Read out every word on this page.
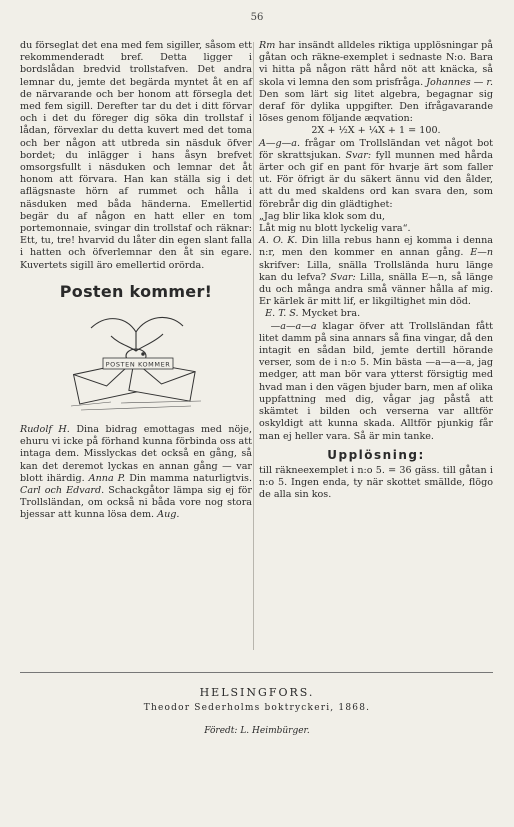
56

du förseglat det ena med fem sigiller, såsom ett rekommenderadt bref. Detta ligger i bordslådan bredvid trollstafven. Det andra lemnar du, jemte det begärda myntet åt en af de närvarande och ber honom att försegla det med fem sigill. Derefter tar du det i ditt förvar och i det du föreger dig söka din trollstaf i lådan, förvexlar du detta kuvert med det toma och ber någon att utbreda sin näsduk öfver bordet; du inlägger i hans åsyn brefvet omsorgsfullt i näsduken och lemnar det åt honom att förvara. Han kan ställa sig i det aflägsnaste hörn af rummet och hålla i näsduken med båda händerna. Emellertid begär du af någon en hatt eller en tom portemonnaie, svingar din trollstaf och räknar: Ett, tu, tre! hvarvid du låter din egen slant falla i hatten och öfverlemnar den åt sin egare. Kuvertets sigill äro emellertid orörda.

Posten kommer!
POSTEN KOMMER

Rudolf H. Dina bidrag emottagas med nöje, ehuru vi icke på förhand kunna förbinda oss att intaga dem. Misslyckas det också en gång, så kan det deremot lyckas en annan gång — var blott ihärdig. Anna P. Din mamma naturligtvis. Carl och Edvard. Schackgåtor lämpa sig ej för Trollsländan, om också ni båda vore nog stora bjessar att kunna lösa dem. Aug.

Rm har insändt alldeles riktiga upplösningar på gåtan och räkne-exemplet i sednaste N:o. Bara vi hitta på någon rätt hård nöt att knäcka, så skola vi lemna den som prisfråga. Johannes — r. Den som lärt sig litet algebra, begagnar sig deraf för dylika uppgifter. Den ifrågavarande löses genom följande æqvation:

2X + ½X + ¼X + 1 = 100.

A—g—a. frågar om Trollsländan vet något bot för skrattsjukan. Svar: fyll munnen med hårda ärter och gif en pant för hvarje ärt som faller ut. För öfrigt är du säkert ännu vid den ålder, att du med skaldens ord kan svara den, som förebrår dig din glädtighet:

„Jag blir lika klok som du,

Låt mig nu blott lyckelig vara“.

A. O. K. Din lilla rebus hann ej komma i denna n:r, men den kommer en annan gång. E—n skrifver: Lilla, snälla Trollsländа huru länge kan du lefva? Svar: Lilla, snälla E—n, så länge du och många andra små vänner hålla af mig. Er kärlek är mitt lif, er likgiltighet min död.

E. T. S. Mycket bra.

—a—a—a klagar öfver att Trollsländan fått litet damm på sina annars så fina vingar, då den intagit en sådan bild, jemte dertill hörande verser, som de i n:o 5. Min bästa —a—a—a, jag medger, att man bör vara ytterst försigtig med hvad man i den vägen bjuder barn, men af olika uppfattning med dig, vågar jag påstå att skämtet i bilden och verserna var alltför oskyldigt att kunna skada. Alltför pjunkig får man ej heller vara. Så är min tanke.

Upplösning:

till räkneexemplet i n:o 5. = 36 gäss. till gåtan i n:o 5. Ingen enda, ty när skottet smällde, flögo de alla sin kos.

HELSINGFORS.
Theodor Sederholms boktryckeri, 1868.
Föredt: L. Heimbürger.
